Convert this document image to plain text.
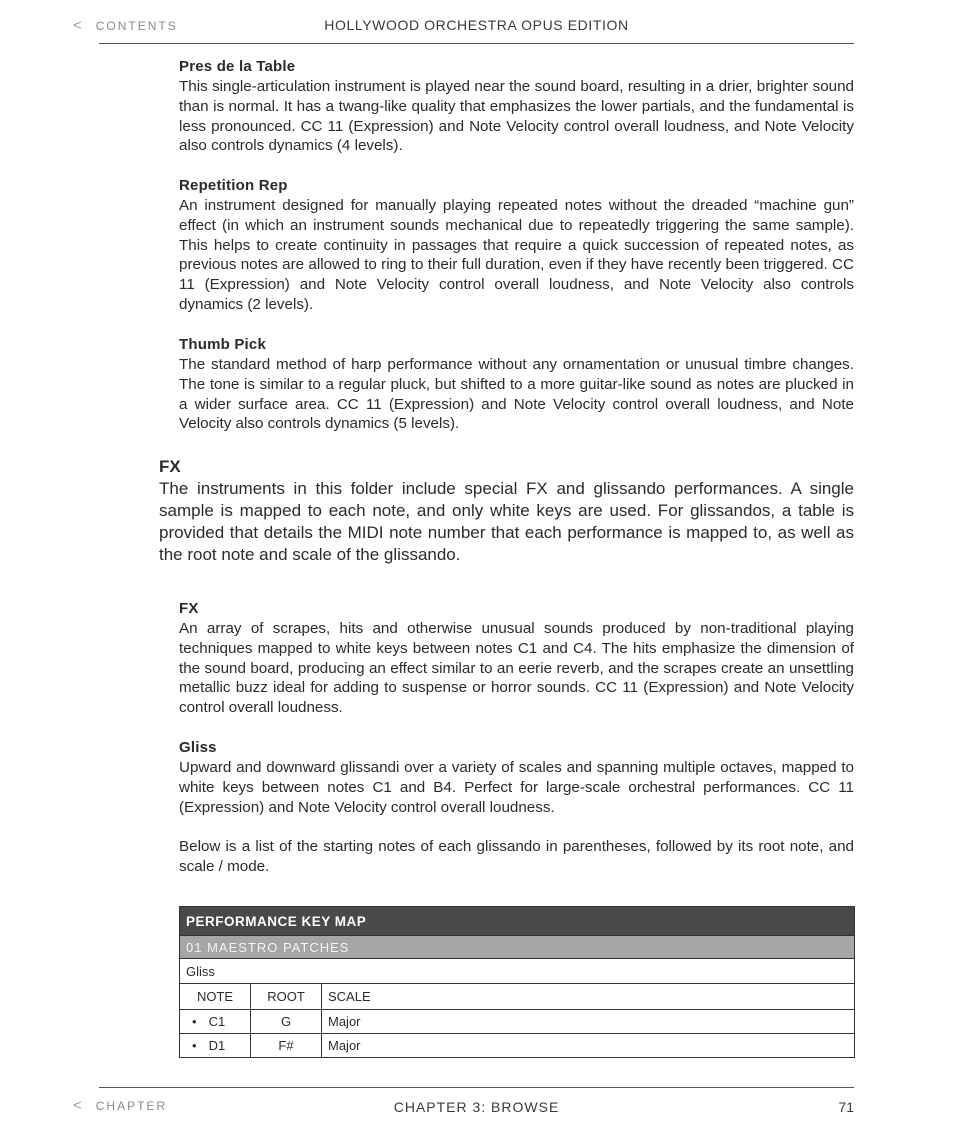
< CONTENTS	HOLLYWOOD ORCHESTRA OPUS EDITION
Pres de la Table

This single-articulation instrument is played near the sound board, resulting in a drier, brighter sound than is normal. It has a twang-like quality that emphasizes the lower partials, and the fundamental is less pronounced. CC 11 (Expression) and Note Velocity control overall loudness, and Note Velocity also controls dynamics (4 levels).

Repetition Rep

An instrument designed for manually playing repeated notes without the dreaded “machine gun” effect (in which an instrument sounds mechanical due to repeatedly triggering the same sample). This helps to create continuity in passages that require a quick succession of repeated notes, as previous notes are allowed to ring to their full duration, even if they have recently been triggered. CC 11 (Expression) and Note Velocity control overall loudness, and Note Velocity also controls dynamics (2 levels).

Thumb Pick

The standard method of harp performance without any ornamentation or unusual timbre changes. The tone is similar to a regular pluck, but shifted to a more guitar-like sound as notes are plucked in a wider surface area. CC 11 (Expression) and Note Velocity control overall loudness, and Note Velocity also controls dynamics (5 levels).

FX

The instruments in this folder include special FX and glissando performances. A single sample is mapped to each note, and only white keys are used. For glissandos, a table is provided that details the MIDI note number that each performance is mapped to, as well as the root note and scale of the glissando.

FX

An array of scrapes, hits and otherwise unusual sounds produced by non-traditional playing techniques mapped to white keys between notes C1 and C4. The hits emphasize the dimension of the sound board, producing an effect similar to an eerie reverb, and the scrapes create an unsettling metallic buzz ideal for adding to suspense or horror sounds. CC 11 (Expression) and Note Velocity control overall loudness.

Gliss

Upward and downward glissandi over a variety of scales and spanning multiple octaves, mapped to white keys between notes C1 and B4. Perfect for large-scale orchestral performances. CC 11 (Expression) and Note Velocity control overall loudness.

Below is a list of the starting notes of each glissando in parentheses, followed by its root note, and scale / mode.

PERFORMANCE KEY MAP		
01 MAESTRO PATCHES		
Gliss		
NOTE	ROOT	SCALE
• C1	G	Major
• D1	F#	Major
< CHAPTER	CHAPTER 3: BROWSE	71
